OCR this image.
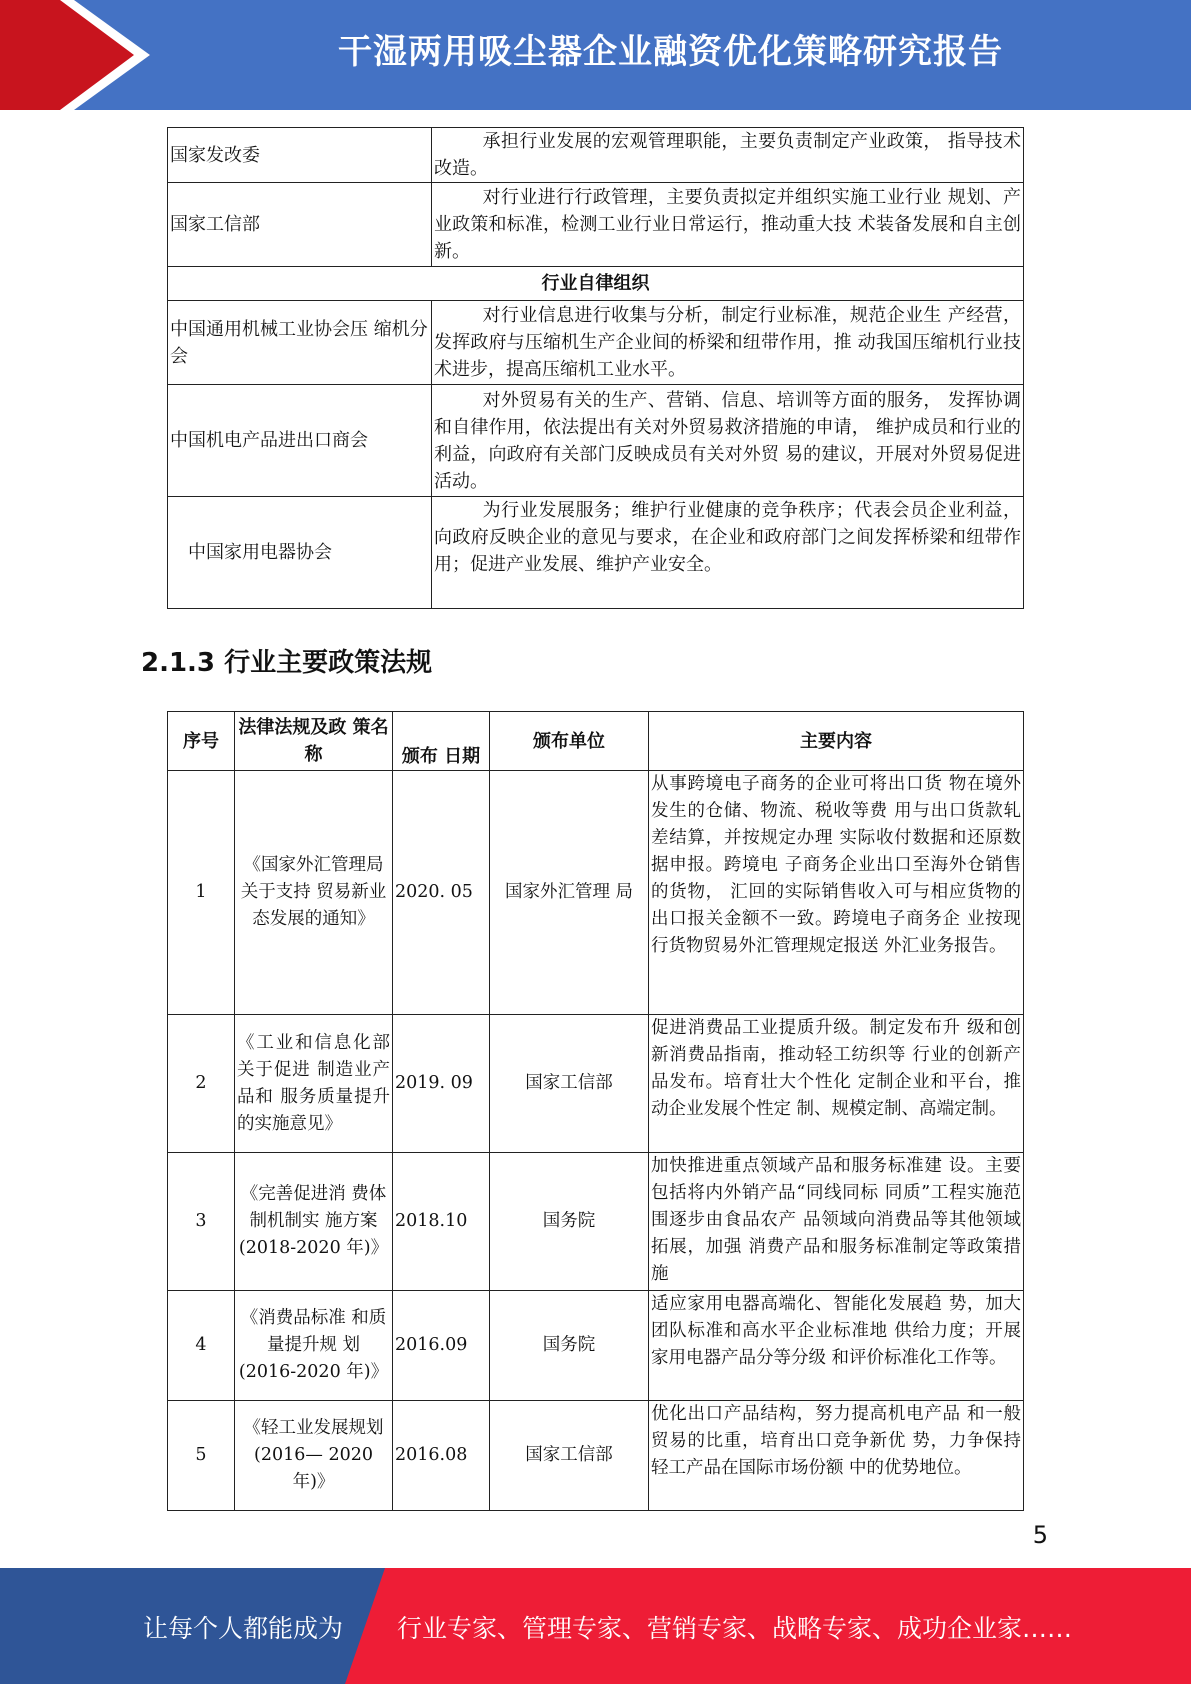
干湿两用吸尘器企业融资优化策略研究报告
国家发改委	承担行业发展的宏观管理职能，主要负责制定产业政策， 指导技术改造。
国家工信部	对行业进行行政管理，主要负责拟定并组织实施工业行业 规划、产业政策和标准，检测工业行业日常运行，推动重大技 术装备发展和自主创新。
行业自律组织	
中国通用机械工业协会压 缩机分会	对行业信息进行收集与分析，制定行业标准，规范企业生 产经营，发挥政府与压缩机生产企业间的桥梁和纽带作用，推 动我国压缩机行业技术进步，提高压缩机工业水平。
中国机电产品进出口商会	对外贸易有关的生产、营销、信息、培训等方面的服务， 发挥协调和自律作用，依法提出有关对外贸易救济措施的申请， 维护成员和行业的利益，向政府有关部门反映成员有关对外贸 易的建议，开展对外贸易促进活动。
中国家用电器协会	为行业发展服务；维护行业健康的竞争秩序；代表会员企业利益，向政府反映企业的意见与要求，在企业和政府部门之间发挥桥梁和纽带作用；促进产业发展、维护产业安全。
2.1.3 行业主要政策法规
序号	法律法规及政 策名称	颁布 日期	颁布单位	主要内容
1	《国家外汇管理局关于支持 贸易新业态发展的通知》	2020. 05	国家外汇管理 局	从事跨境电子商务的企业可将出口货 物在境外发生的仓储、物流、税收等费 用与出口货款轧差结算，并按规定办理 实际收付数据和还原数据申报。跨境电 子商务企业出口至海外仓销售的货物， 汇回的实际销售收入可与相应货物的 出口报关金额不一致。跨境电子商务企 业按现行货物贸易外汇管理规定报送 外汇业务报告。
2	《工业和信息化部关于促进 制造业产品和 服务质量提升 的实施意见》	2019. 09	国家工信部	促进消费品工业提质升级。制定发布升 级和创新消费品指南，推动轻工纺织等 行业的创新产品发布。培育壮大个性化 定制企业和平台，推动企业发展个性定 制、规模定制、高端定制。
3	《完善促进消 费体制机制实 施方案 (2018-2020 年)》	2018.10	国务院	加快推进重点领域产品和服务标准建 设。主要包括将内外销产品“同线同标 同质”工程实施范围逐步由食品农产 品领域向消费品等其他领域拓展，加强 消费产品和服务标准制定等政策措施
4	《消费品标准 和质量提升规 划 (2016-2020 年)》	2016.09	国务院	适应家用电器高端化、智能化发展趋 势，加大团队标准和高水平企业标准地 供给力度；开展家用电器产品分等分级 和评价标准化工作等。
5	《轻工业发展规划(2016— 2020 年)》	2016.08	国家工信部	优化出口产品结构，努力提高机电产品 和一般贸易的比重，培育出口竞争新优 势，力争保持轻工产品在国际市场份额 中的优势地位。
5
让每个人都能成为 行业专家、管理专家、营销专家、战略专家、成功企业家……
